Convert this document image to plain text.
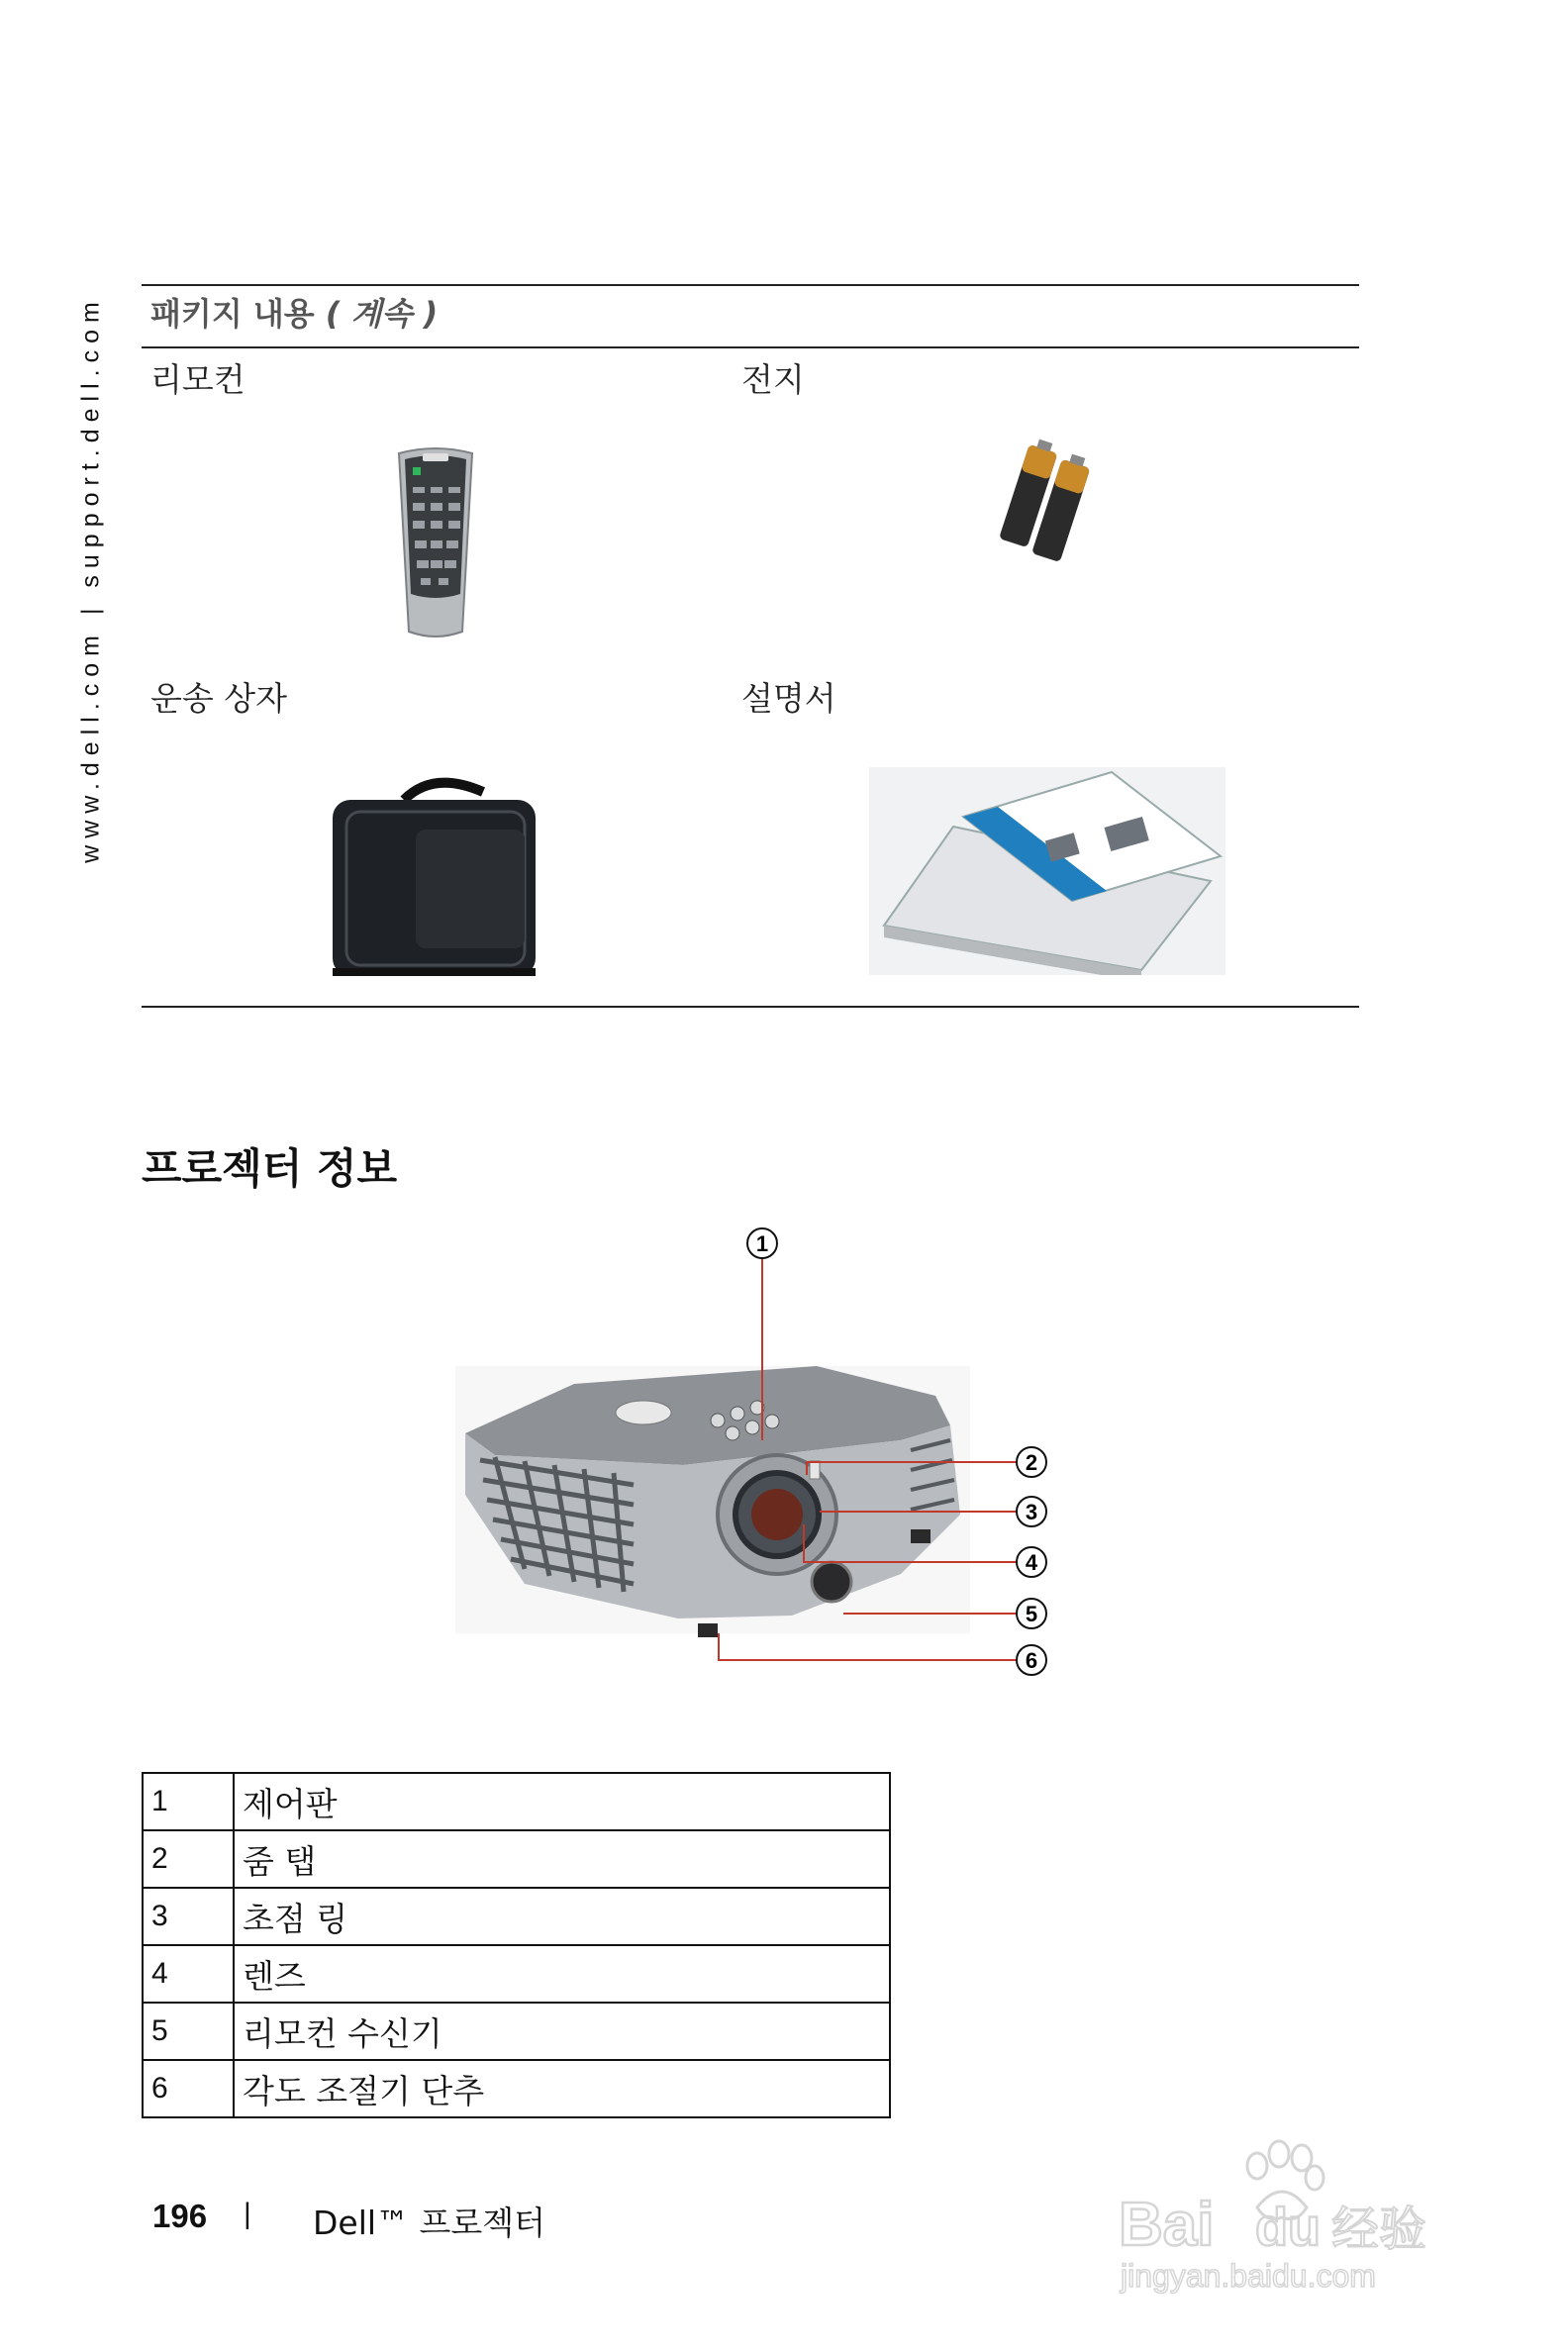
www.dell.com | support.dell.com 패키지 내용 ( 계속 )
리모컨	전지
운송 상자	설명서
프로젝터 정보
1
2
3
4
5
6
1	제어판
2	줌 탭
3	초점 링
4	렌즈
5	리모컨 수신기
6	각도 조절기 단추
196 | Dell™ 프로젝터	Bai du 经验
jingyan.baidu.com
